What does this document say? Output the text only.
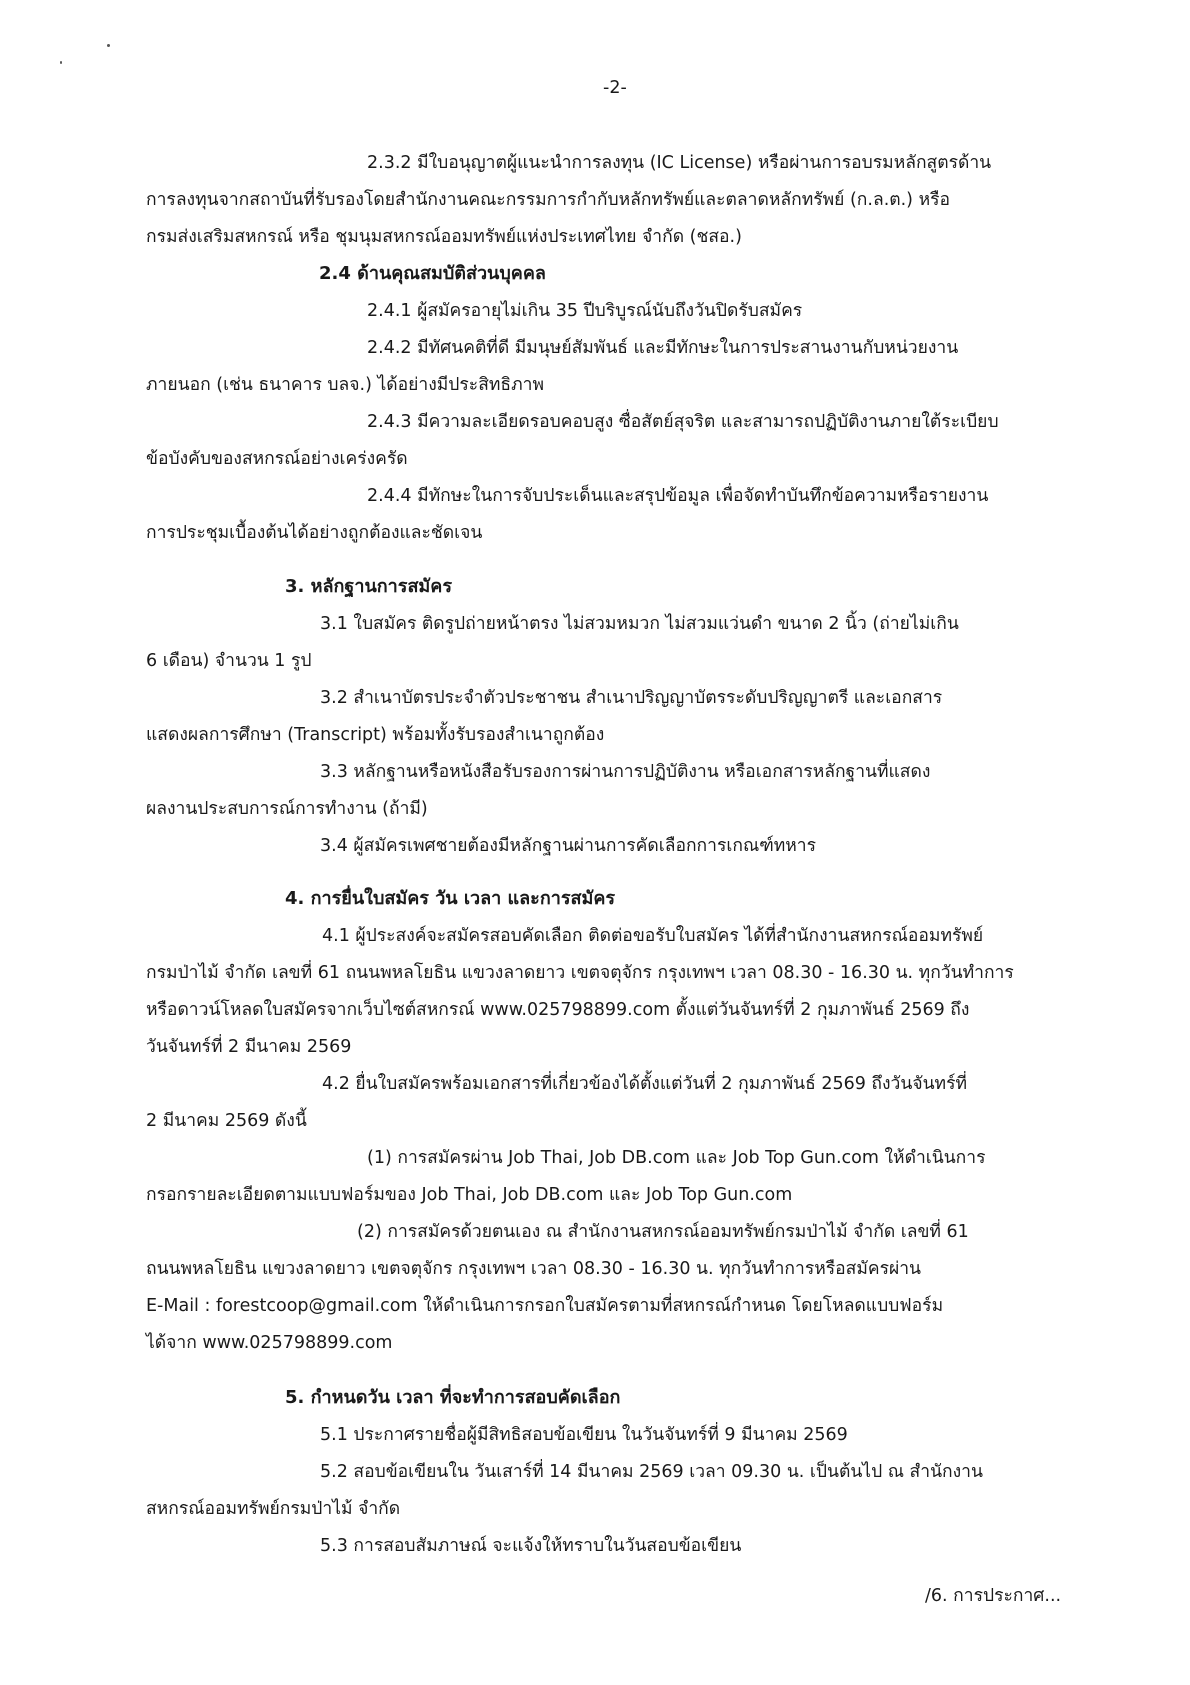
-2-
2.3.2 มีใบอนุญาตผู้แนะนำการลงทุน (IC License) หรือผ่านการอบรมหลักสูตรด้าน
การลงทุนจากสถาบันที่รับรองโดยสำนักงานคณะกรรมการกำกับหลักทรัพย์และตลาดหลักทรัพย์ (ก.ล.ต.) หรือ
กรมส่งเสริมสหกรณ์ หรือ ชุมนุมสหกรณ์ออมทรัพย์แห่งประเทศไทย จำกัด (ชสอ.)
2.4 ด้านคุณสมบัติส่วนบุคคล
2.4.1 ผู้สมัครอายุไม่เกิน 35 ปีบริบูรณ์นับถึงวันปิดรับสมัคร
2.4.2 มีทัศนคติที่ดี มีมนุษย์สัมพันธ์ และมีทักษะในการประสานงานกับหน่วยงาน
ภายนอก (เช่น ธนาคาร บลจ.) ได้อย่างมีประสิทธิภาพ
2.4.3 มีความละเอียดรอบคอบสูง ซื่อสัตย์สุจริต และสามารถปฏิบัติงานภายใต้ระเบียบ
ข้อบังคับของสหกรณ์อย่างเคร่งครัด
2.4.4 มีทักษะในการจับประเด็นและสรุปข้อมูล เพื่อจัดทำบันทึกข้อความหรือรายงาน
การประชุมเบื้องต้นได้อย่างถูกต้องและชัดเจน
3. หลักฐานการสมัคร
3.1 ใบสมัคร ติดรูปถ่ายหน้าตรง ไม่สวมหมวก ไม่สวมแว่นดำ ขนาด 2 นิ้ว (ถ่ายไม่เกิน
6 เดือน) จำนวน 1 รูป
3.2 สำเนาบัตรประจำตัวประชาชน สำเนาปริญญาบัตรระดับปริญญาตรี และเอกสาร
แสดงผลการศึกษา (Transcript) พร้อมทั้งรับรองสำเนาถูกต้อง
3.3 หลักฐานหรือหนังสือรับรองการผ่านการปฏิบัติงาน หรือเอกสารหลักฐานที่แสดง
ผลงานประสบการณ์การทำงาน (ถ้ามี)
3.4 ผู้สมัครเพศชายต้องมีหลักฐานผ่านการคัดเลือกการเกณฑ์ทหาร
4. การยื่นใบสมัคร วัน เวลา และการสมัคร
4.1 ผู้ประสงค์จะสมัครสอบคัดเลือก ติดต่อขอรับใบสมัคร ได้ที่สำนักงานสหกรณ์ออมทรัพย์
กรมป่าไม้ จำกัด เลขที่ 61 ถนนพหลโยธิน แขวงลาดยาว เขตจตุจักร กรุงเทพฯ เวลา 08.30 - 16.30 น. ทุกวันทำการ
หรือดาวน์โหลดใบสมัครจากเว็บไซต์สหกรณ์ www.025798899.com ตั้งแต่วันจันทร์ที่ 2 กุมภาพันธ์ 2569 ถึง
วันจันทร์ที่ 2 มีนาคม 2569
4.2 ยื่นใบสมัครพร้อมเอกสารที่เกี่ยวข้องได้ตั้งแต่วันที่ 2 กุมภาพันธ์ 2569 ถึงวันจันทร์ที่
2 มีนาคม 2569 ดังนี้
(1) การสมัครผ่าน Job Thai, Job DB.com และ Job Top Gun.com ให้ดำเนินการ
กรอกรายละเอียดตามแบบฟอร์มของ Job Thai, Job DB.com และ Job Top Gun.com
(2) การสมัครด้วยตนเอง ณ สำนักงานสหกรณ์ออมทรัพย์กรมป่าไม้ จำกัด เลขที่ 61
ถนนพหลโยธิน แขวงลาดยาว เขตจตุจักร กรุงเทพฯ เวลา 08.30 - 16.30 น. ทุกวันทำการหรือสมัครผ่าน
E-Mail : forestcoop@gmail.com ให้ดำเนินการกรอกใบสมัครตามที่สหกรณ์กำหนด โดยโหลดแบบฟอร์ม
ได้จาก www.025798899.com
5. กำหนดวัน เวลา ที่จะทำการสอบคัดเลือก
5.1 ประกาศรายชื่อผู้มีสิทธิสอบข้อเขียน ในวันจันทร์ที่ 9 มีนาคม 2569
5.2 สอบข้อเขียนใน วันเสาร์ที่ 14 มีนาคม 2569 เวลา 09.30 น. เป็นต้นไป ณ สำนักงาน
สหกรณ์ออมทรัพย์กรมป่าไม้ จำกัด
5.3 การสอบสัมภาษณ์ จะแจ้งให้ทราบในวันสอบข้อเขียน
/6. การประกาศ...
